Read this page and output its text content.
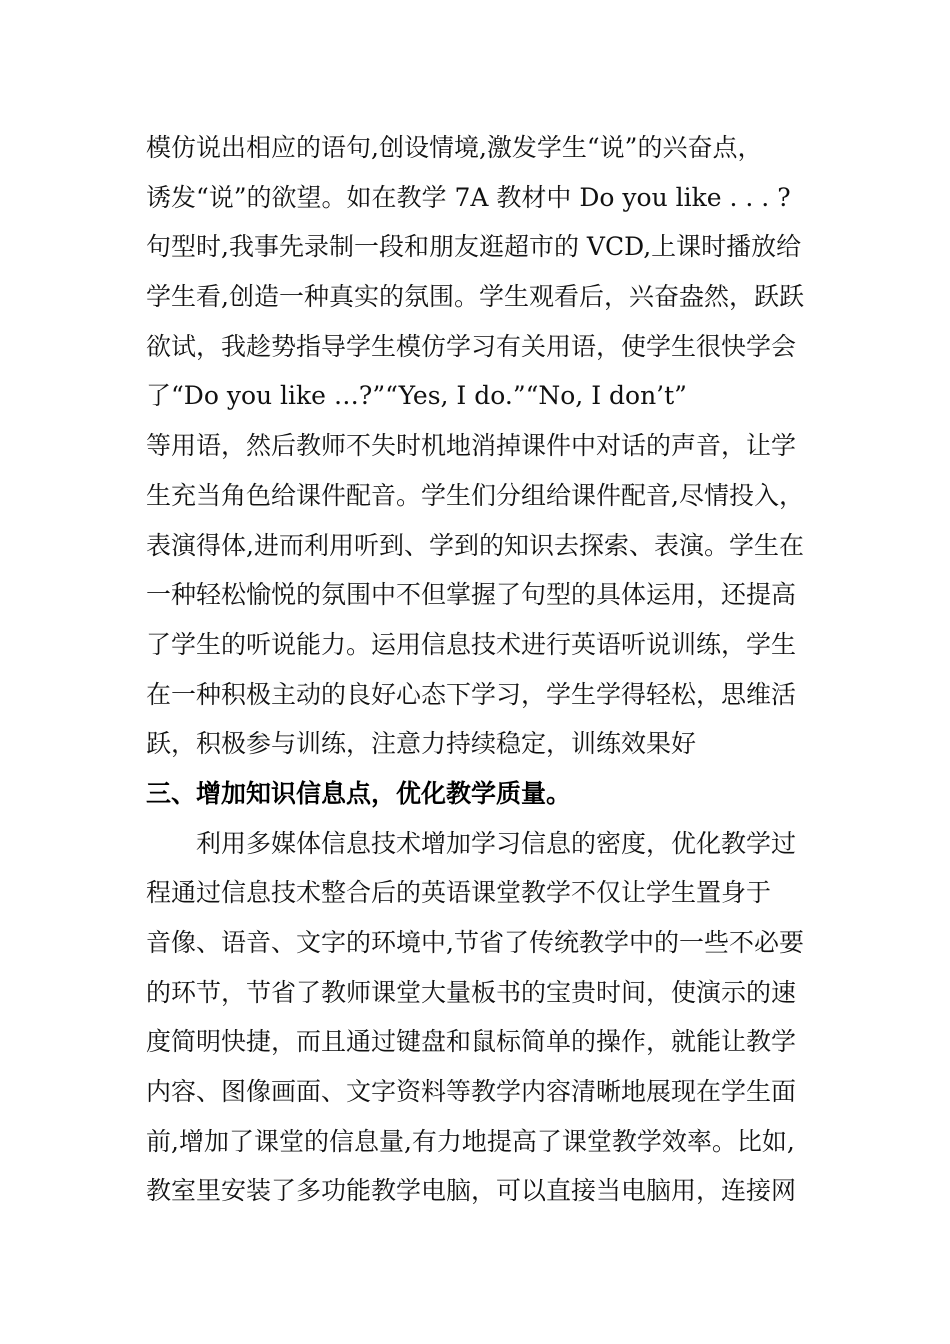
模仿说出相应的语句,创设情境,激发学生“说”的兴奋点，
诱发“说”的欲望。如在教学 7A 教材中 Do you like . . . ?
句型时,我事先录制一段和朋友逛超市的 VCD,上课时播放给
学生看,创造一种真实的氛围。学生观看后，兴奋盎然，跃跃
欲试，我趁势指导学生模仿学习有关用语，使学生很快学会
了“Do you like …?”“Yes, I do.”“No, I don’t”
等用语，然后教师不失时机地消掉课件中对话的声音，让学
生充当角色给课件配音。学生们分组给课件配音,尽情投入，
表演得体,进而利用听到、学到的知识去探索、表演。学生在
一种轻松愉悦的氛围中不但掌握了句型的具体运用，还提高
了学生的听说能力。运用信息技术进行英语听说训练，学生
在一种积极主动的良好心态下学习，学生学得轻松，思维活
跃，积极参与训练，注意力持续稳定，训练效果好
三、增加知识信息点，优化教学质量。
利用多媒体信息技术增加学习信息的密度，优化教学过
程通过信息技术整合后的英语课堂教学不仅让学生置身于
音像、语音、文字的环境中,节省了传统教学中的一些不必要
的环节，节省了教师课堂大量板书的宝贵时间，使演示的速
度简明快捷，而且通过键盘和鼠标简单的操作，就能让教学
内容、图像画面、文字资料等教学内容清晰地展现在学生面
前,增加了课堂的信息量,有力地提高了课堂教学效率。比如,
教室里安装了多功能教学电脑，可以直接当电脑用，连接网
